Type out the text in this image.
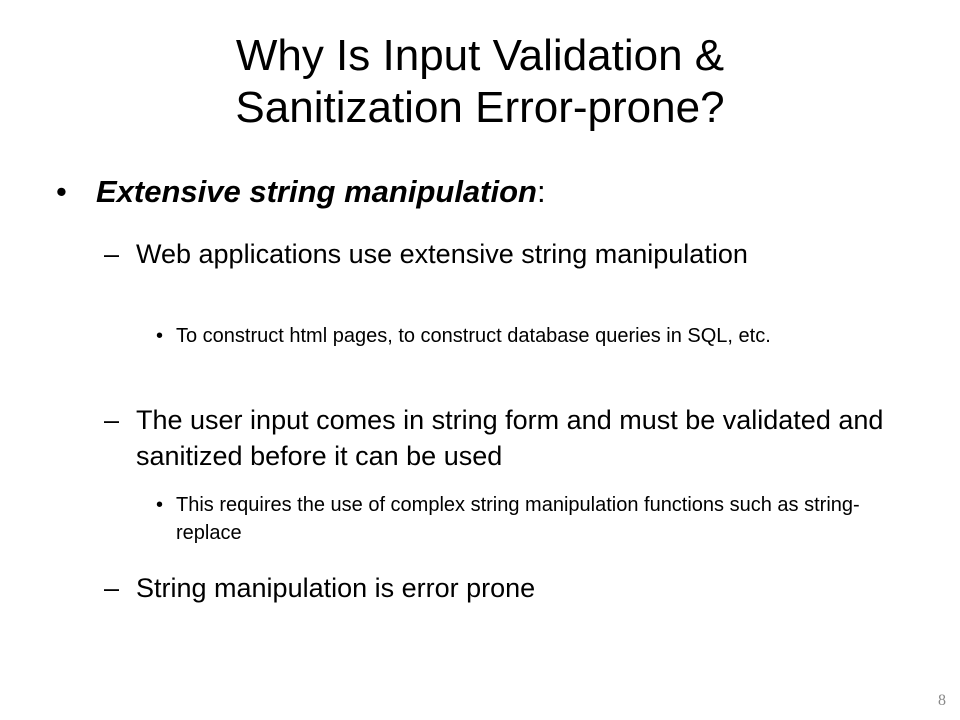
Why Is Input Validation &
Sanitization Error-prone?
• Extensive string manipulation:
– Web applications use extensive string manipulation
• To construct html pages, to construct database queries in SQL, etc.
– The user input comes in string form and must be validated and sanitized before it can be used
• This requires the use of complex string manipulation functions such as string-replace
– String manipulation is error prone
8
